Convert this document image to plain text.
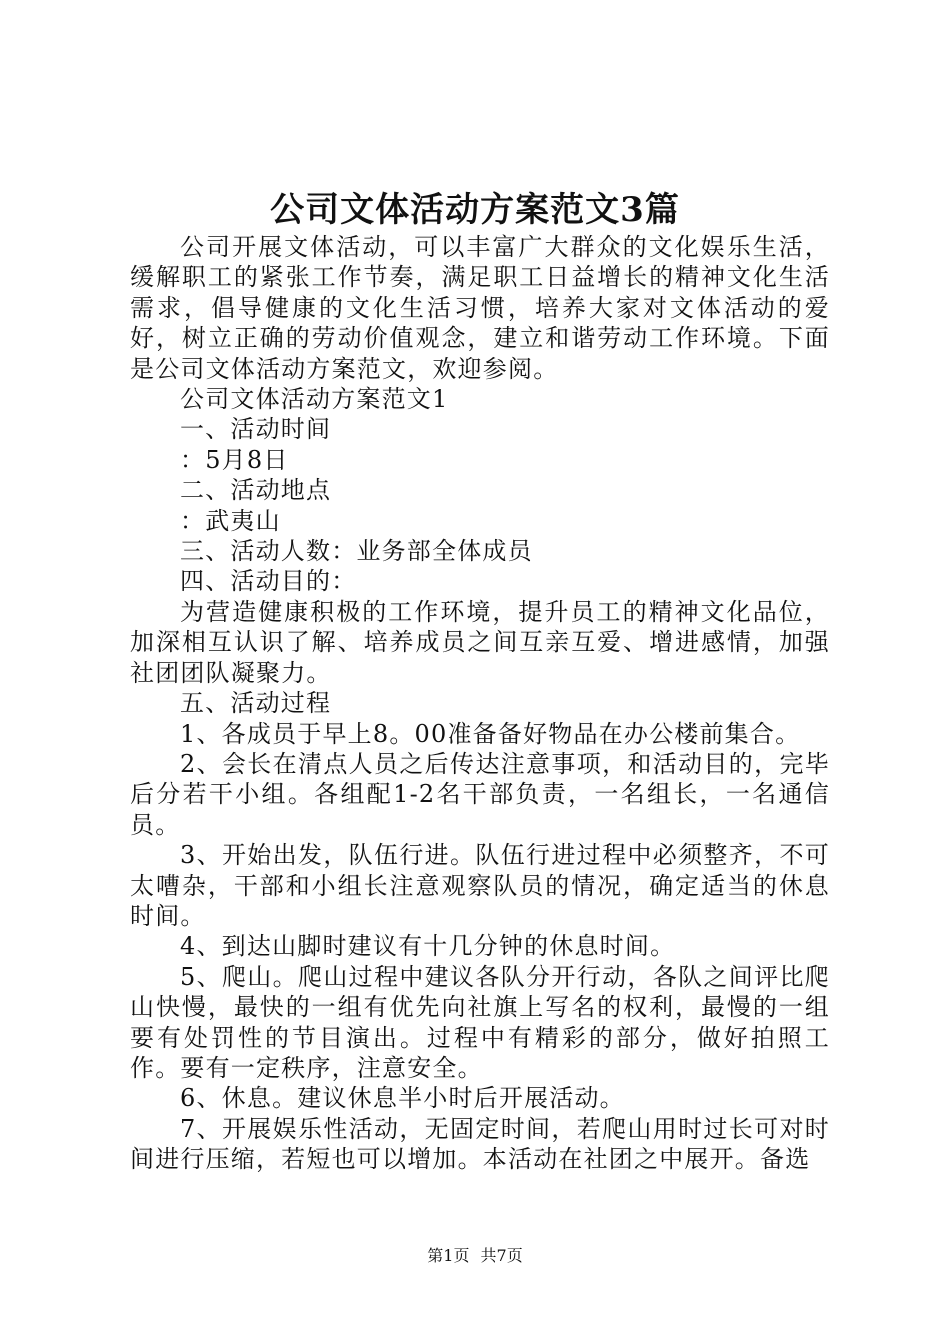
公司文体活动方案范文3篇

公司开展文体活动，可以丰富广大群众的文化娱乐生活，缓解职工的紧张工作节奏，满足职工日益增长的精神文化生活需求，倡导健康的文化生活习惯，培养大家对文体活动的爱好，树立正确的劳动价值观念，建立和谐劳动工作环境。下面是公司文体活动方案范文，欢迎参阅。

公司文体活动方案范文1

一、活动时间

：5月8日

二、活动地点

：武夷山

三、活动人数：业务部全体成员

四、活动目的：

为营造健康积极的工作环境，提升员工的精神文化品位，加深相互认识了解、培养成员之间互亲互爱、增进感情，加强社团团队凝聚力。

五、活动过程

1、各成员于早上8。00准备备好物品在办公楼前集合。

2、会长在清点人员之后传达注意事项，和活动目的，完毕后分若干小组。各组配1-2名干部负责，一名组长，一名通信员。

3、开始出发，队伍行进。队伍行进过程中必须整齐，不可太嘈杂，干部和小组长注意观察队员的情况，确定适当的休息时间。

4、到达山脚时建议有十几分钟的休息时间。

5、爬山。爬山过程中建议各队分开行动，各队之间评比爬山快慢，最快的一组有优先向社旗上写名的权利，最慢的一组要有处罚性的节目演出。过程中有精彩的部分，做好拍照工作。要有一定秩序，注意安全。

6、休息。建议休息半小时后开展活动。

7、开展娱乐性活动，无固定时间，若爬山用时过长可对时间进行压缩，若短也可以增加。本活动在社团之中展开。备选

第1页 共7页
